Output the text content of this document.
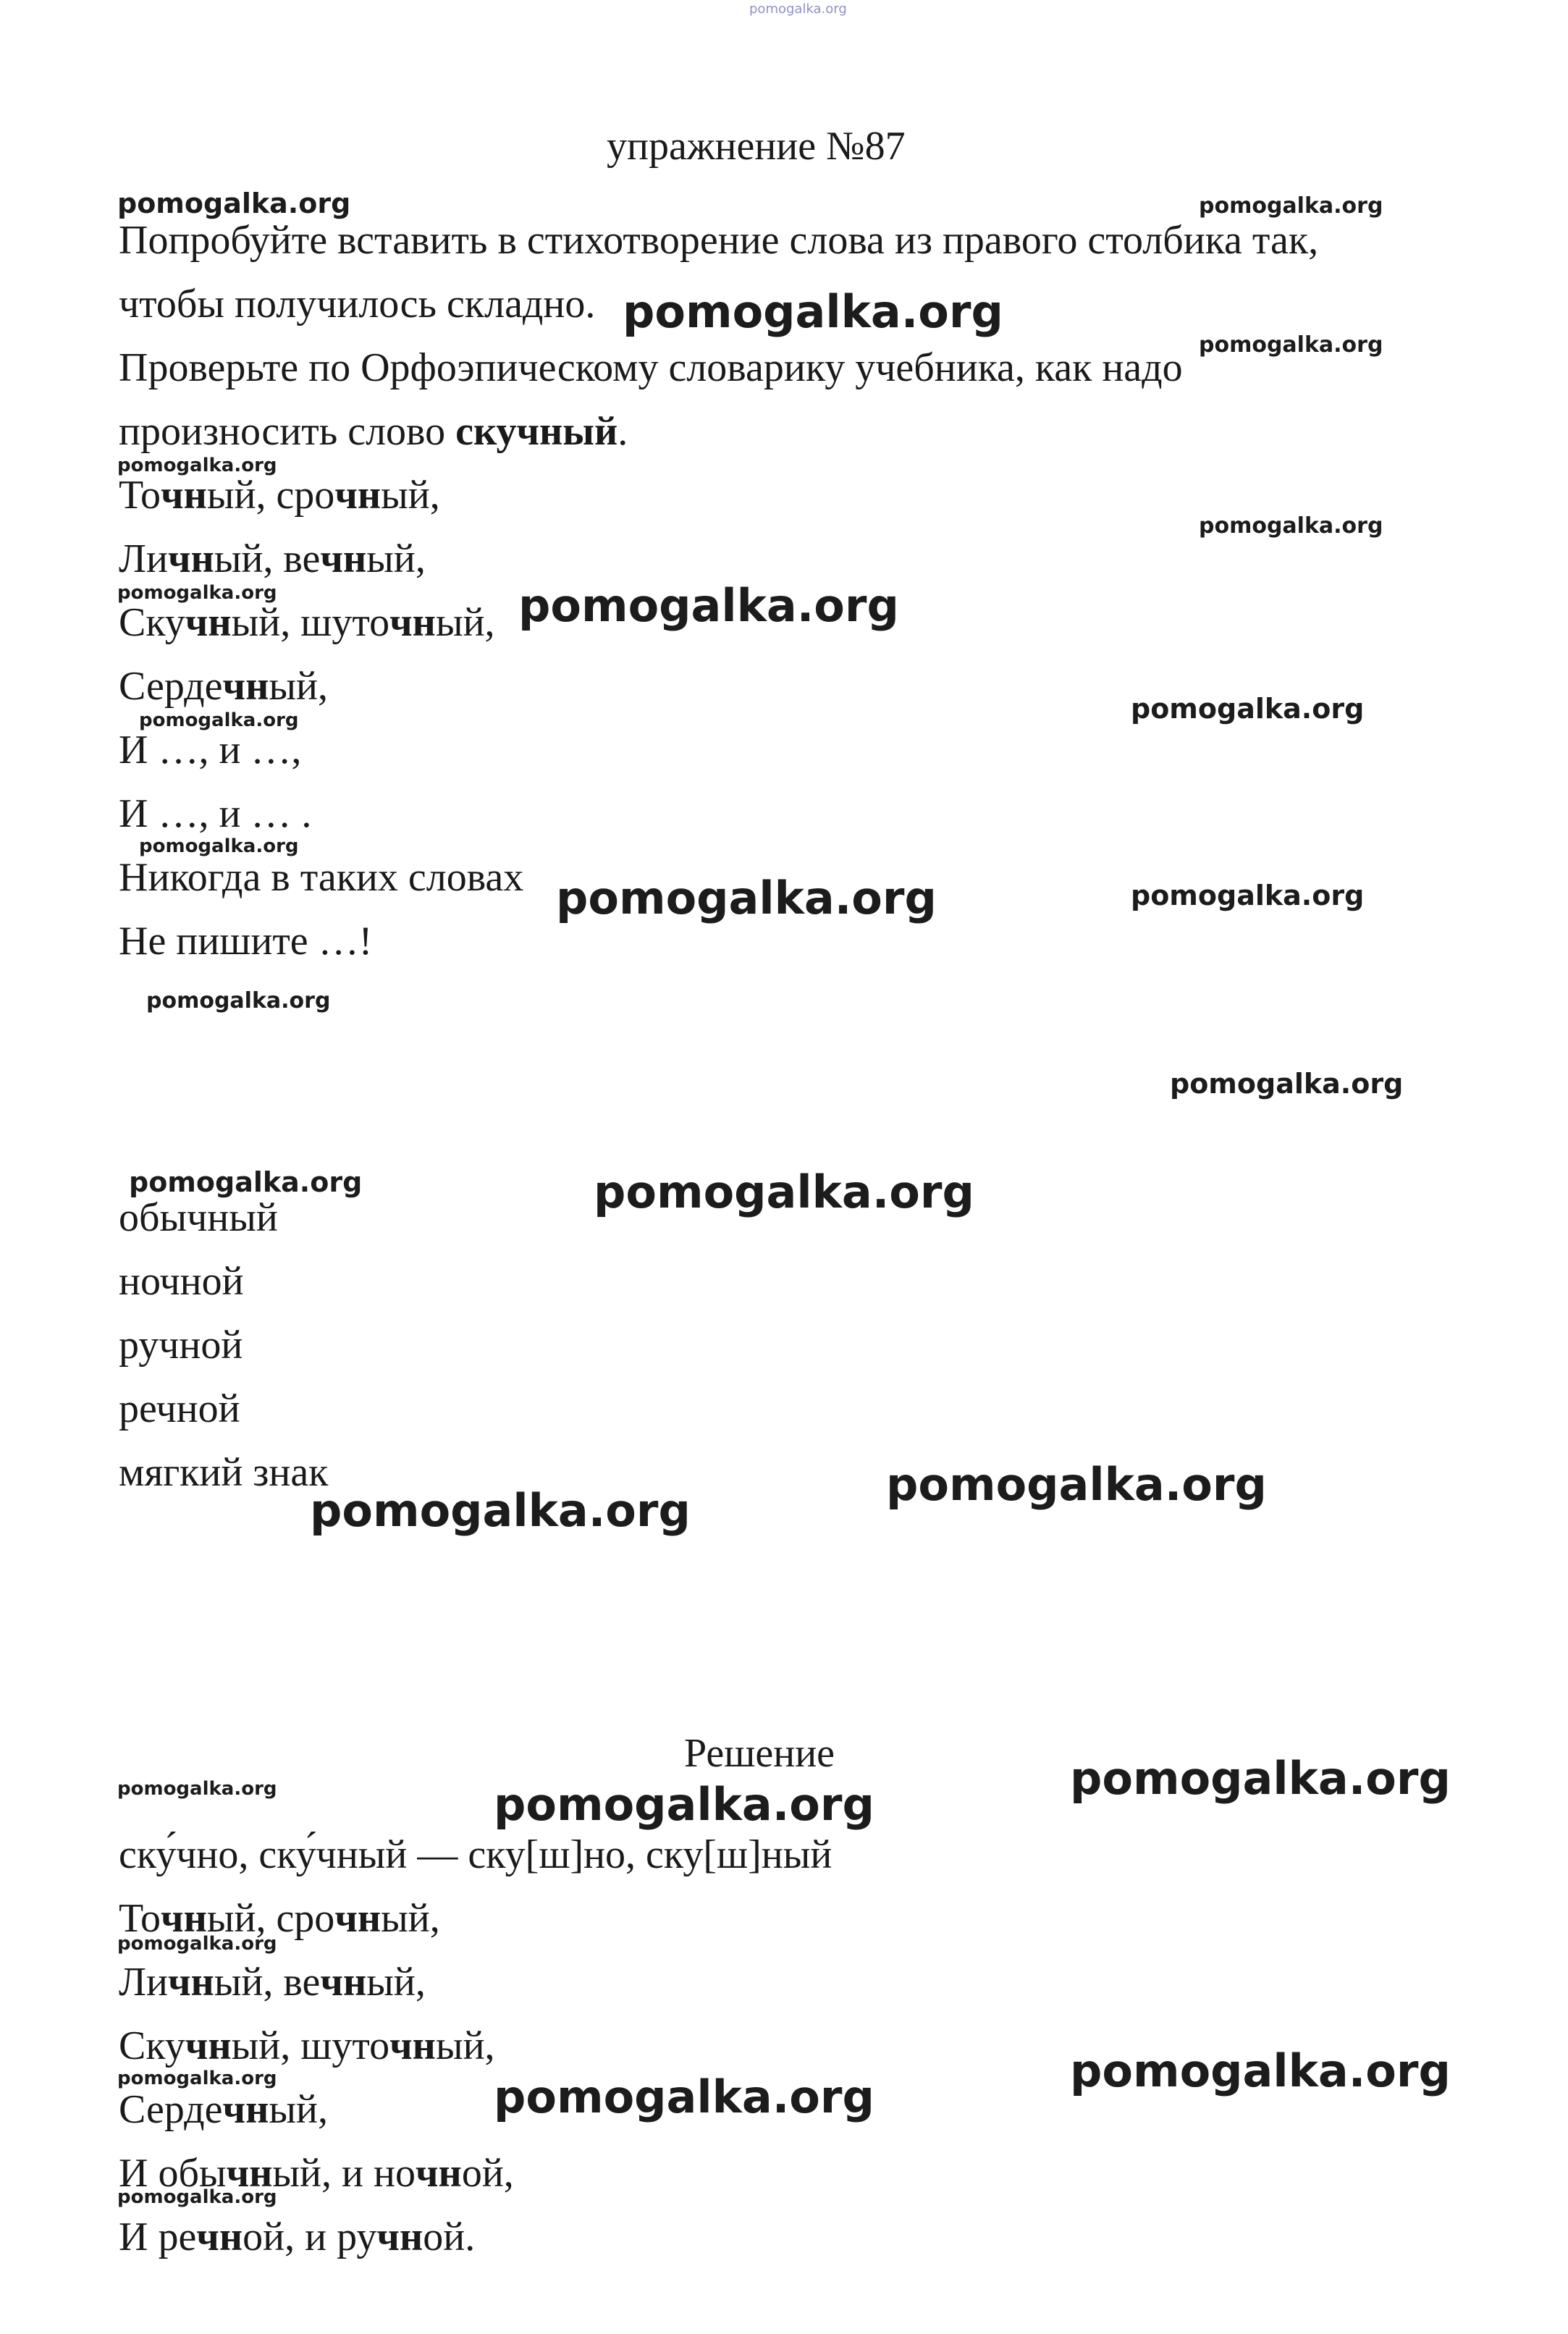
pomogalka.org
упражнение №87
Попробуйте вставить в стихотворение слова из правого столбика так,
чтобы получилось складно.
Проверьте по Орфоэпическому словарику учебника, как надо
произносить слово скучный.
Точный, срочный,
Личный, вечный,
Скучный, шуточный,
Сердечный,
И …, и …,
И …, и … .
Никогда в таких словах
Не пишите …!
обычный
ночной
ручной
речной
мягкий знак
Решение
ску́чно, ску́чный — ску[ш]но, ску[ш]ный
Точный, срочный,
Личный, вечный,
Скучный, шуточный,
Сердечный,
И обычный, и ночной,
И речной, и ручной.
pomogalka.org	pomogalka.org
pomogalka.org
pomogalka.org
pomogalka.org
pomogalka.org
pomogalka.org	pomogalka.org
pomogalka.org	pomogalka.org
pomogalka.org
pomogalka.org	pomogalka.org
pomogalka.org
pomogalka.org
pomogalka.org	pomogalka.org
pomogalka.org
pomogalka.org
pomogalka.org
pomogalka.org	pomogalka.org
pomogalka.org
pomogalka.org
pomogalka.org	pomogalka.org
pomogalka.org
